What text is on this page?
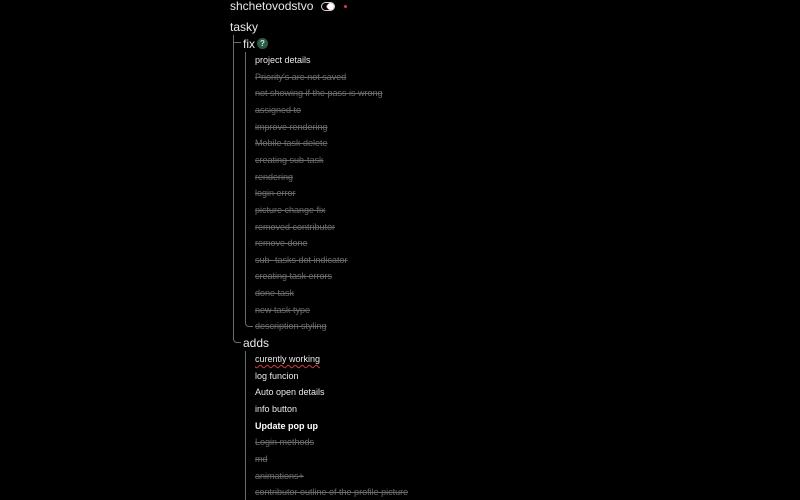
shchetovodstvo
tasky
fix ?
project details
Priority's are not saved
not showing if the pass is wrong
assigned to
improve rendering
Mobile task delete
creating sub-task
rendering
login error
picture change fix
removed contributor
remove done
sub- tasks dot indicator
creating task errors
done task
new task type
description styling
adds
curently working
log funcion
Auto open details
info button
Update pop up
Login methods
md
animations+
contributor outline of the profile picture
